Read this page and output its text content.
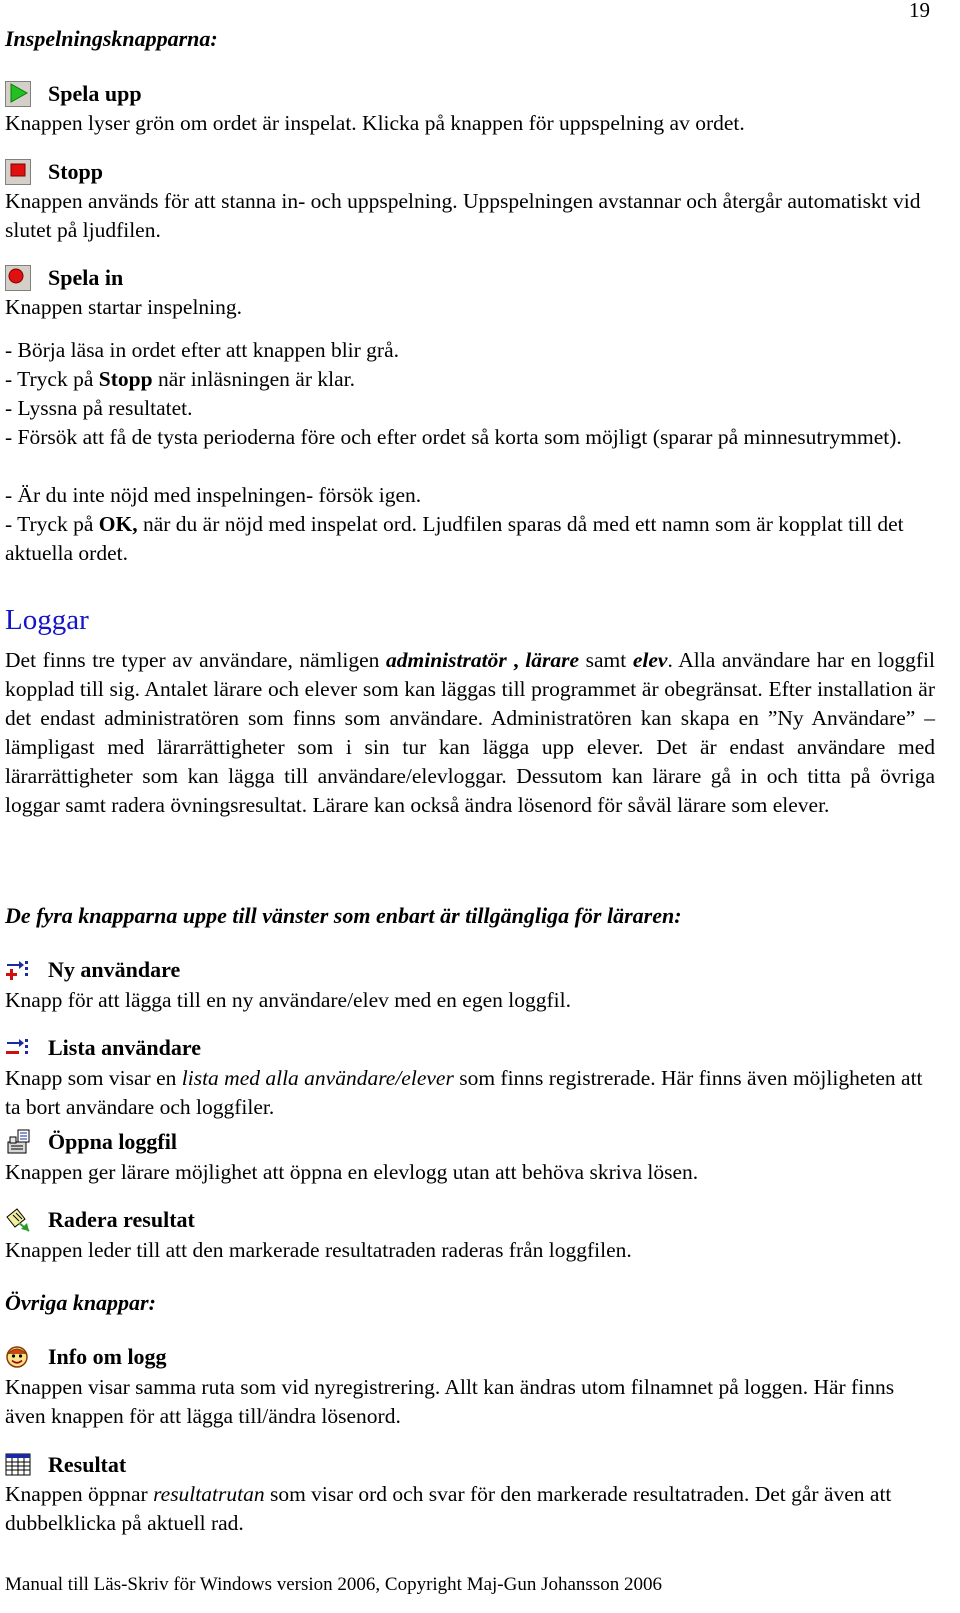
19
Inspelningsknapparna:
Spela upp
Knappen lyser grön om ordet är inspelat. Klicka på knappen för uppspelning av ordet.
Stopp
Knappen används för att stanna in- och uppspelning. Uppspelningen avstannar och återgår automatiskt vid slutet på ljudfilen.
Spela in
Knappen startar inspelning.
- Börja läsa in ordet efter att knappen blir grå.
- Tryck på Stopp när inläsningen är klar.
- Lyssna på resultatet.
- Försök att få de tysta perioderna före och efter ordet så korta som möjligt (sparar på minnesutrymmet).
- Är du inte nöjd med inspelningen- försök igen.
- Tryck på OK, när du är nöjd med inspelat ord. Ljudfilen sparas då med ett namn som är kopplat till det aktuella ordet.
Loggar
Det finns tre typer av användare, nämligen administratör , lärare samt elev. Alla användare har en loggfil kopplad till sig. Antalet lärare och elever som kan läggas till programmet är obegränsat. Efter installation är det endast administratören som finns som användare. Administratören kan skapa en ”Ny Användare” – lämpligast med lärarrättigheter som i sin tur kan lägga upp elever. Det är endast användare med lärarrättigheter som kan lägga till användare/elevloggar. Dessutom kan lärare gå in och titta på övriga loggar samt radera övningsresultat. Lärare kan också ändra lösenord för såväl lärare som elever.
De fyra knapparna uppe till vänster som enbart är tillgängliga för läraren:
Ny användare
Knapp för att lägga till en ny användare/elev med en egen loggfil.
Lista användare
Knapp som visar en lista med alla användare/elever som finns registrerade. Här finns även möjligheten att ta bort användare och loggfiler.
Öppna loggfil
Knappen ger lärare möjlighet att öppna en elevlogg utan att behöva skriva lösen.
Radera resultat
Knappen leder till att den markerade resultatraden raderas från loggfilen.
Övriga knappar:
Info om logg
Knappen visar samma ruta som vid nyregistrering. Allt kan ändras utom filnamnet på loggen. Här finns även knappen för att lägga till/ändra lösenord.
Resultat
Knappen öppnar resultatrutan som visar ord och svar för den markerade resultatraden. Det går även att dubbelklicka på aktuell rad.
Manual till Läs-Skriv för Windows version 2006, Copyright Maj-Gun Johansson 2006
